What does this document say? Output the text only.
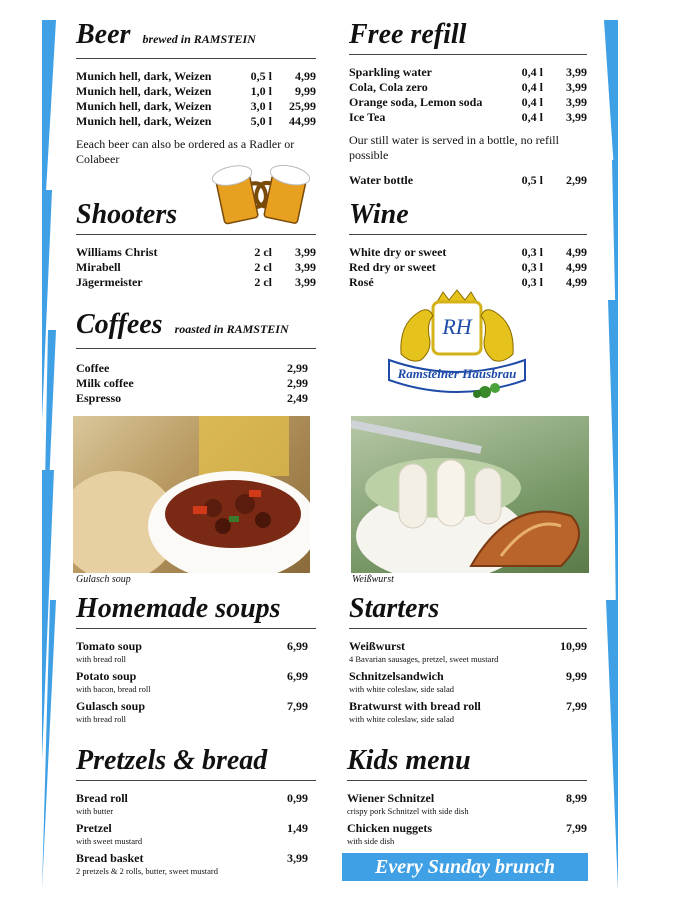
Beer brewed in RAMSTEIN
Munich hell, dark, Weizen	0,5 l	4,99
Munich hell, dark, Weizen	1,0 l	9,99
Munich hell, dark, Weizen	3,0 l	25,99
Munich hell, dark, Weizen	5,0 l	44,99
Eeach beer can also be ordered as a Radler or Colabeer
Free refill
Sparkling water	0,4 l	3,99
Cola, Cola zero	0,4 l	3,99
Orange soda, Lemon soda	0,4 l	3,99
Ice Tea	0,4 l	3,99
Our still water is served in a bottle, no refill possible
Water bottle	0,5 l	2,99
Shooters
Williams Christ	2 cl	3,99
Mirabell	2 cl	3,99
Jägermeister	2 cl	3,99
Wine
White dry or sweet	0,3 l	4,99
Red dry or sweet	0,3 l	4,99
Rosé	0,3 l	4,99
Coffees roasted in RAMSTEIN
Coffee	2,99
Milk coffee	2,99
Espresso	2,49
RH
Ramsteiner Hausbrau
Gulasch soup	Weißwurst
Homemade soups
Tomato soup	6,99
with bread roll
Potato soup	6,99
with bacon, bread roll
Gulasch soup	7,99
with bread roll
Starters
Weißwurst	10,99
4 Bavarian sausages, pretzel, sweet mustard
Schnitzelsandwich	9,99
with white coleslaw, side salad
Bratwurst with bread roll	7,99
with white coleslaw, side salad
Pretzels & bread
Bread roll	0,99
with butter
Pretzel	1,49
with sweet mustard
Bread basket	3,99
2 pretzels & 2 rolls, butter, sweet mustard
Kids menu
Wiener Schnitzel	8,99
crispy pork Schnitzel with side dish
Chicken nuggets	7,99
with side dish
Every Sunday brunch
